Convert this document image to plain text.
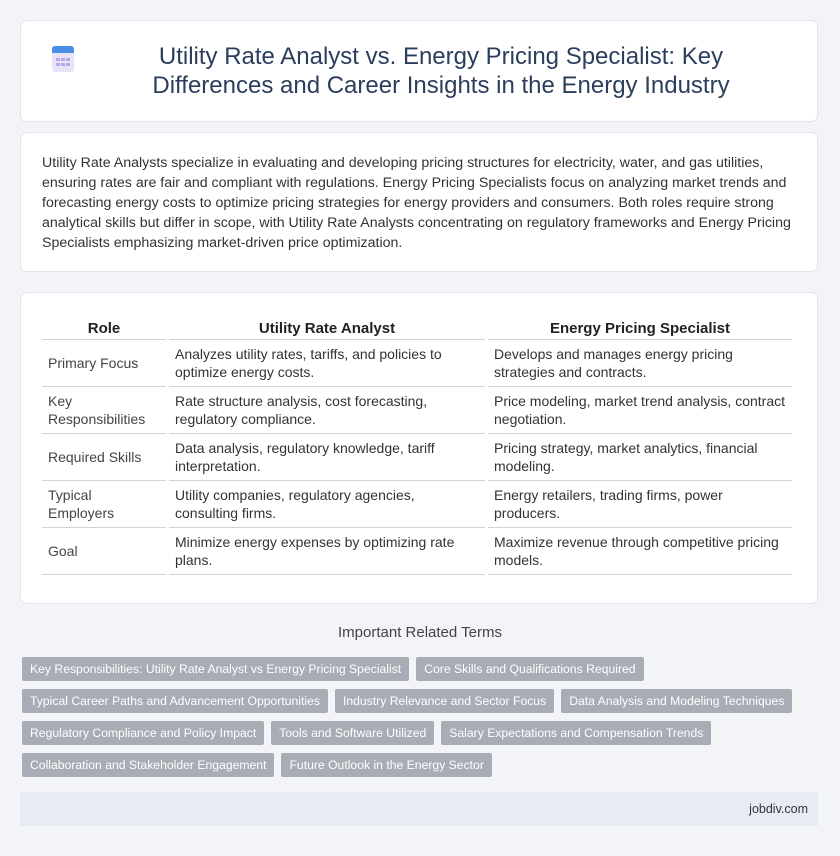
Utility Rate Analyst vs. Energy Pricing Specialist: Key Differences and Career Insights in the Energy Industry

Utility Rate Analysts specialize in evaluating and developing pricing structures for electricity, water, and gas utilities, ensuring rates are fair and compliant with regulations. Energy Pricing Specialists focus on analyzing market trends and forecasting energy costs to optimize pricing strategies for energy providers and consumers. Both roles require strong analytical skills but differ in scope, with Utility Rate Analysts concentrating on regulatory frameworks and Energy Pricing Specialists emphasizing market-driven price optimization.

Role	Utility Rate Analyst	Energy Pricing Specialist
Primary Focus	Analyzes utility rates, tariffs, and policies to optimize energy costs.	Develops and manages energy pricing strategies and contracts.
Key Responsibilities	Rate structure analysis, cost forecasting, regulatory compliance.	Price modeling, market trend analysis, contract negotiation.
Required Skills	Data analysis, regulatory knowledge, tariff interpretation.	Pricing strategy, market analytics, financial modeling.
Typical Employers	Utility companies, regulatory agencies, consulting firms.	Energy retailers, trading firms, power producers.
Goal	Minimize energy expenses by optimizing rate plans.	Maximize revenue through competitive pricing models.
Important Related Terms
Key Responsibilities: Utility Rate Analyst vs Energy Pricing Specialist	Core Skills and Qualifications Required
Typical Career Paths and Advancement Opportunities	Industry Relevance and Sector Focus	Data Analysis and Modeling Techniques
Regulatory Compliance and Policy Impact	Tools and Software Utilized	Salary Expectations and Compensation Trends
Collaboration and Stakeholder Engagement	Future Outlook in the Energy Sector
jobdiv.com
